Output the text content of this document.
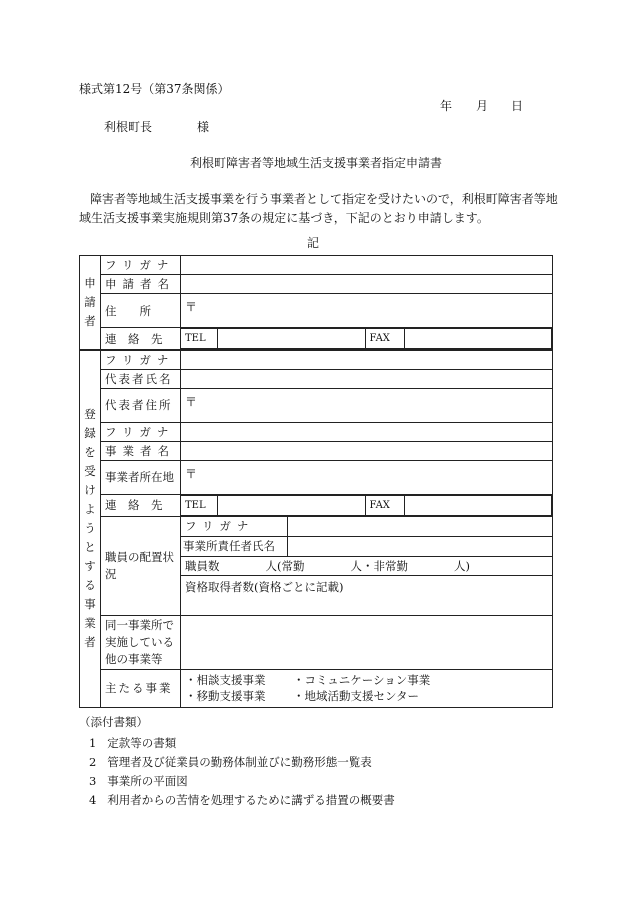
様式第12号（第37条関係）
年 月 日
利根町長	様
利根町障害者等地域生活支援事業者指定申請書
障害者等地域生活支援事業を行う事業者として指定を受けたいので，利根町障害者等地
域生活支援事業実施規則第37条の規定に基づき，下記のとおり申請します。
記
申
請
者
	フリガナ	
申請者名	
住　　所	〒

連　絡　先	TEL		FAX	

登
録
を
受
け
よ
う
と
す
る
事
業
者
	フリガナ	
代表者氏名	
代表者住所	〒

フリガナ	
事業者名	
事業者所在地	〒

連　絡　先	TEL		FAX	

職員の配置状況	フリガナ	
事業所責任者氏名	
職員数　　　　人(常勤　　　　人・非常勤　　　　人)
資格取得者数(資格ごとに記載)
同一事業所で実施している他の事業等	
主たる事業	
・相談支援事業 ・コミュニケーション事業
・移動支援事業 ・地域活動支援センター
（添付書類）
1 定款等の書類
2 管理者及び従業員の勤務体制並びに勤務形態一覧表
3 事業所の平面図
4 利用者からの苦情を処理するために講ずる措置の概要書
